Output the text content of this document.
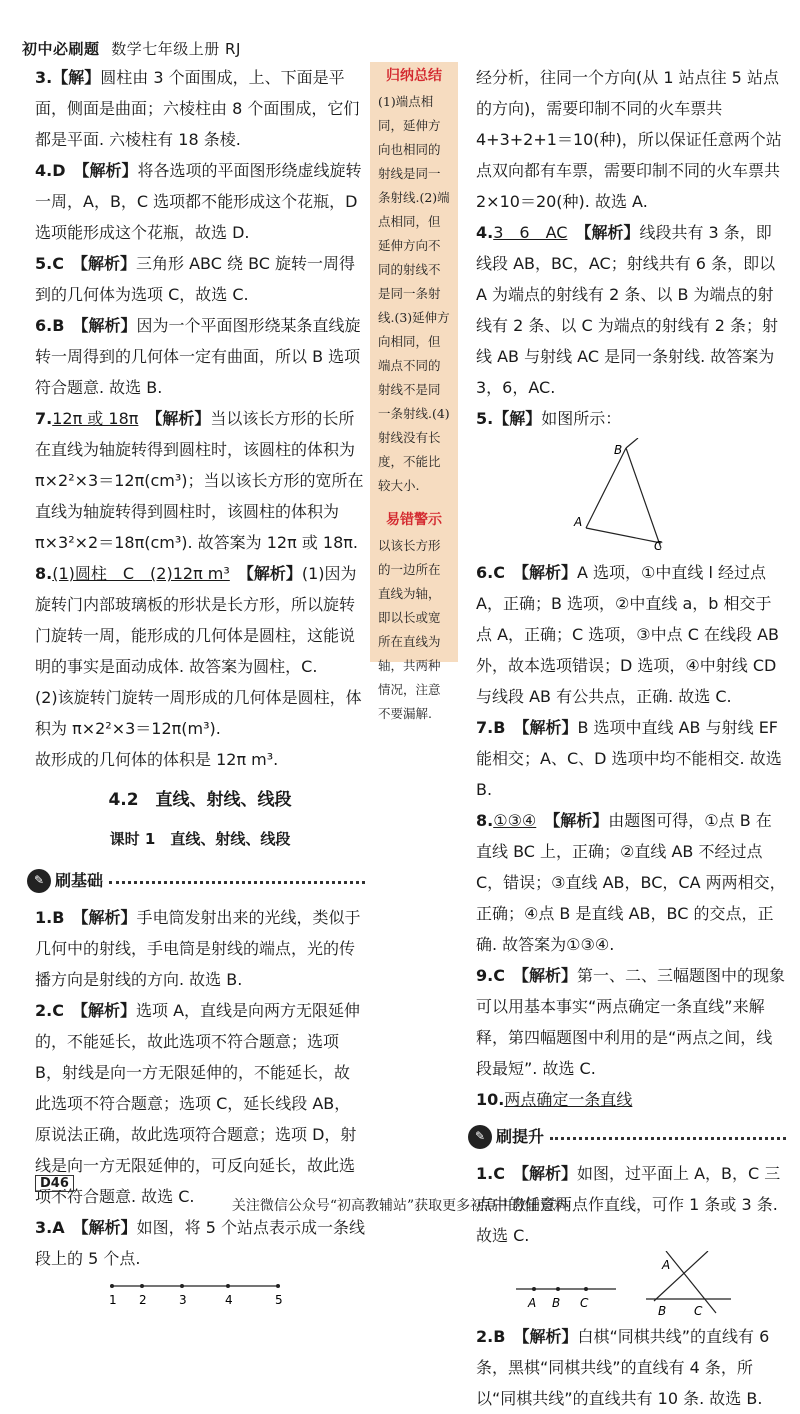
初中必刷题 数学七年级上册 RJ

3.【解】圆柱由 3 个面围成，上、下面是平面，侧面是曲面；六棱柱由 8 个面围成，它们都是平面. 六棱柱有 18 条棱.

4.D　 【解析】将各选项的平面图形绕虚线旋转一周，A，B，C 选项都不能形成这个花瓶，D 选项能形成这个花瓶，故选 D.

5.C　 【解析】三角形 ABC 绕 BC 旋转一周得到的几何体为选项 C，故选 C.

6.B　 【解析】因为一个平面图形绕某条直线旋转一周得到的几何体一定有曲面，所以 B 选项符合题意. 故选 B.

7.12π 或 18π　 【解析】当以该长方形的长所在直线为轴旋转得到圆柱时，该圆柱的体积为 π×2²×3＝12π(cm³)；当以该长方形的宽所在直线为轴旋转得到圆柱时，该圆柱的体积为 π×3²×2＝18π(cm³). 故答案为 12π 或 18π.

8.(1)圆柱　C　(2)12π m³　 【解析】(1)因为旋转门内部玻璃板的形状是长方形，所以旋转门旋转一周，能形成的几何体是圆柱，这能说明的事实是面动成体. 故答案为圆柱，C.

(2)该旋转门旋转一周形成的几何体是圆柱，体积为 π×2²×3＝12π(m³).

故形成的几何体的体积是 12π m³.

4.2　直线、射线、线段
课时 1　直线、射线、线段
✎ 刷基础

1.B　 【解析】手电筒发射出来的光线，类似于几何中的射线，手电筒是射线的端点，光的传播方向是射线的方向. 故选 B.

2.C　 【解析】选项 A，直线是向两方无限延伸的，不能延长，故此选项不符合题意；选项 B，射线是向一方无限延伸的，不能延长，故此选项不符合题意；选项 C，延长线段 AB，原说法正确，故此选项符合题意；选项 D，射线是向一方无限延伸的，可反向延长，故此选项不符合题意. 故选 C.

3.A　 【解析】如图，将 5 个站点表示成一条线段上的 5 个点.

1 2	3	4	5
归纳总结
(1)端点相同，延伸方向也相同的射线是同一条射线.(2)端点相同，但延伸方向不同的射线不是同一条射线.(3)延伸方向相同，但端点不同的射线不是同一条射线.(4)射线没有长度，不能比较大小.
易错警示
以该长方形的一边所在直线为轴，即以长或宽所在直线为轴，共两种情况，注意不要漏解.

经分析，往同一个方向(从 1 站点往 5 站点的方向)，需要印制不同的火车票共 4+3+2+1＝10(种)，所以保证任意两个站点双向都有车票，需要印制不同的火车票共 2×10＝20(种). 故选 A.

4.3　6　AC　 【解析】线段共有 3 条，即线段 AB，BC，AC；射线共有 6 条，即以 A 为端点的射线有 2 条、以 B 为端点的射线有 2 条、以 C 为端点的射线有 2 条；射线 AB 与射线 AC 是同一条射线. 故答案为 3，6，AC.

5.【解】如图所示：

B
A
C

6.C　 【解析】A 选项，①中直线 l 经过点 A，正确；B 选项，②中直线 a，b 相交于点 A，正确；C 选项，③中点 C 在线段 AB 外，故本选项错误；D 选项，④中射线 CD 与线段 AB 有公共点，正确. 故选 C.

7.B　 【解析】B 选项中直线 AB 与射线 EF 能相交；A、C、D 选项中均不能相交. 故选 B.

8.①③④　 【解析】由题图可得，①点 B 在直线 BC 上，正确；②直线 AB 不经过点 C，错误；③直线 AB，BC，CA 两两相交，正确；④点 B 是直线 AB，BC 的交点，正确. 故答案为①③④.

9.C　 【解析】第一、二、三幅题图中的现象可以用基本事实“两点确定一条直线”来解释，第四幅题图中利用的是“两点之间，线段最短”. 故选 C.

10.两点确定一条直线

✎ 刷提升

1.C　 【解析】如图，过平面上 A，B，C 三点中的任意两点作直线，可作 1 条或 3 条. 故选 C.

A B C
A
B C

2.B　 【解析】白棋“同棋共线”的直线有 6 条，黑棋“同棋共线”的直线有 4 条，所以“同棋共线”的直线共有 10 条. 故选 B.

D46
关注微信公众号“初高教辅站”获取更多初高中教辅资料
